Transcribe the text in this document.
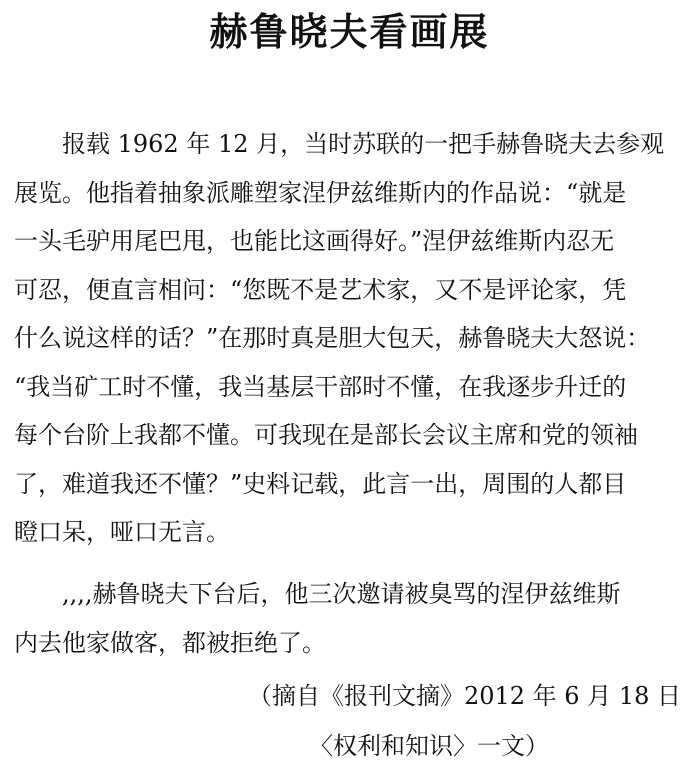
赫鲁晓夫看画展
报载 1962 年 12 月，当时苏联的一把手赫鲁晓夫去参观
展览。他指着抽象派雕塑家涅伊兹维斯内的作品说：“就是
一头毛驴用尾巴甩，也能比这画得好。”涅伊兹维斯内忍无
可忍，便直言相问：“您既不是艺术家，又不是评论家，凭
什么说这样的话？”在那时真是胆大包天，赫鲁晓夫大怒说：
“我当矿工时不懂，我当基层干部时不懂，在我逐步升迁的
每个台阶上我都不懂。可我现在是部长会议主席和党的领袖
了，难道我还不懂？”史料记载，此言一出，周围的人都目
瞪口呆，哑口无言。
,,,,赫鲁晓夫下台后，他三次邀请被臭骂的涅伊兹维斯
内去他家做客，都被拒绝了。
（摘自《报刊文摘》2012 年 6 月 18 日
〈权利和知识〉一文）
